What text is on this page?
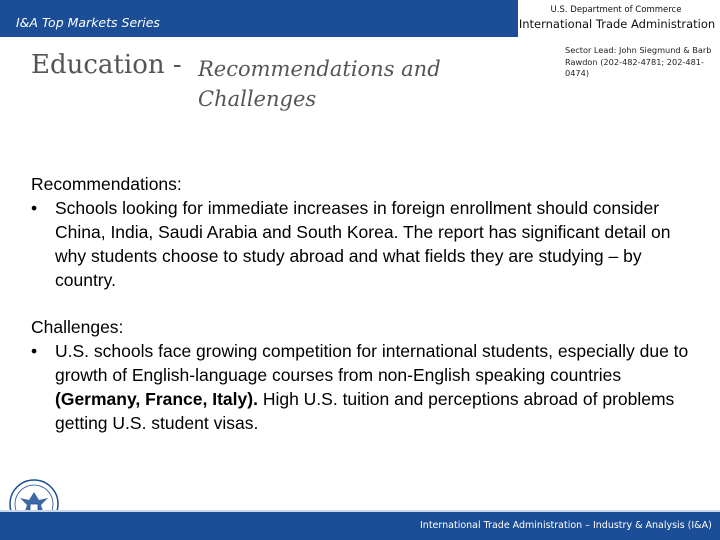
I&A Top Markets Series
U.S. Department of Commerce
International Trade Administration
Education - Recommendations and Challenges
Sector Lead: John Siegmund & Barb Rawdon (202-482-4781; 202-481-0474)
Recommendations:
•	Schools looking for immediate increases in foreign enrollment should consider China, India, Saudi Arabia and South Korea. The report has significant detail on why students choose to study abroad and what fields they are studying – by country.
Challenges:
•	U.S. schools face growing competition for international students, especially due to growth of English-language courses from non-English speaking countries (Germany, France, Italy). High U.S. tuition and perceptions abroad of problems getting U.S. student visas.
International Trade Administration – Industry & Analysis (I&A)
